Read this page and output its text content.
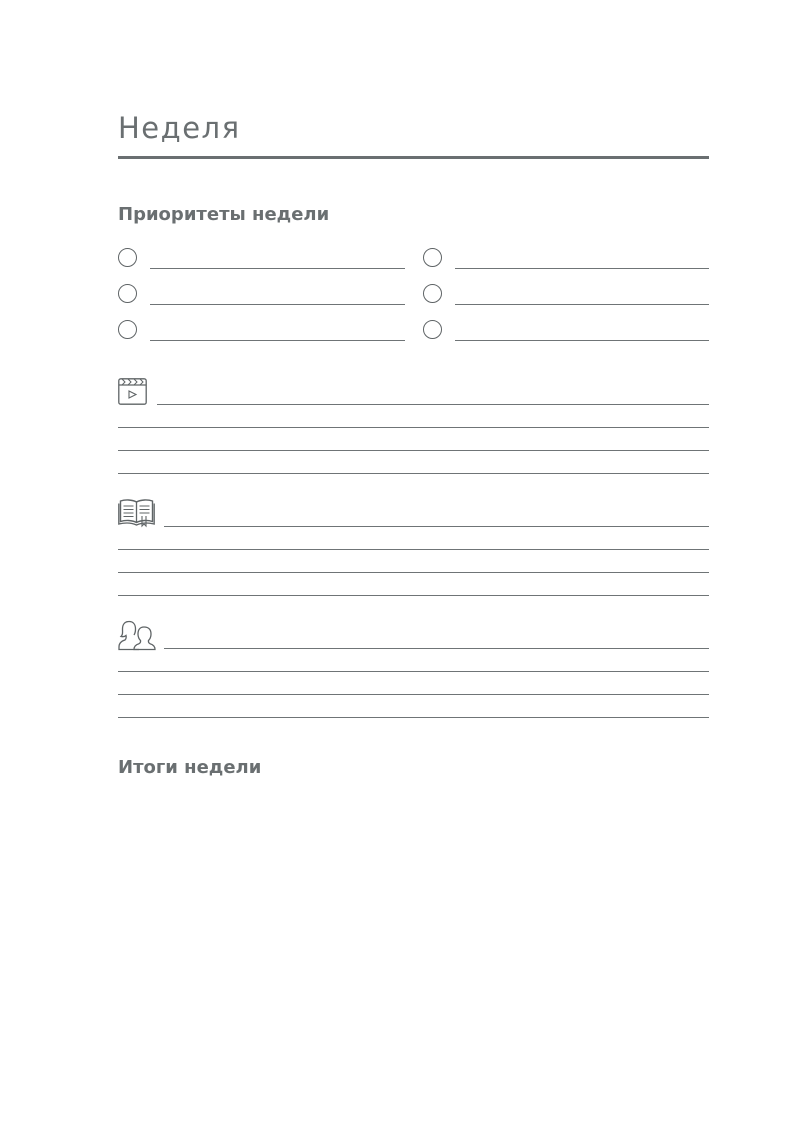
Неделя
Приоритеты недели
Итоги недели
